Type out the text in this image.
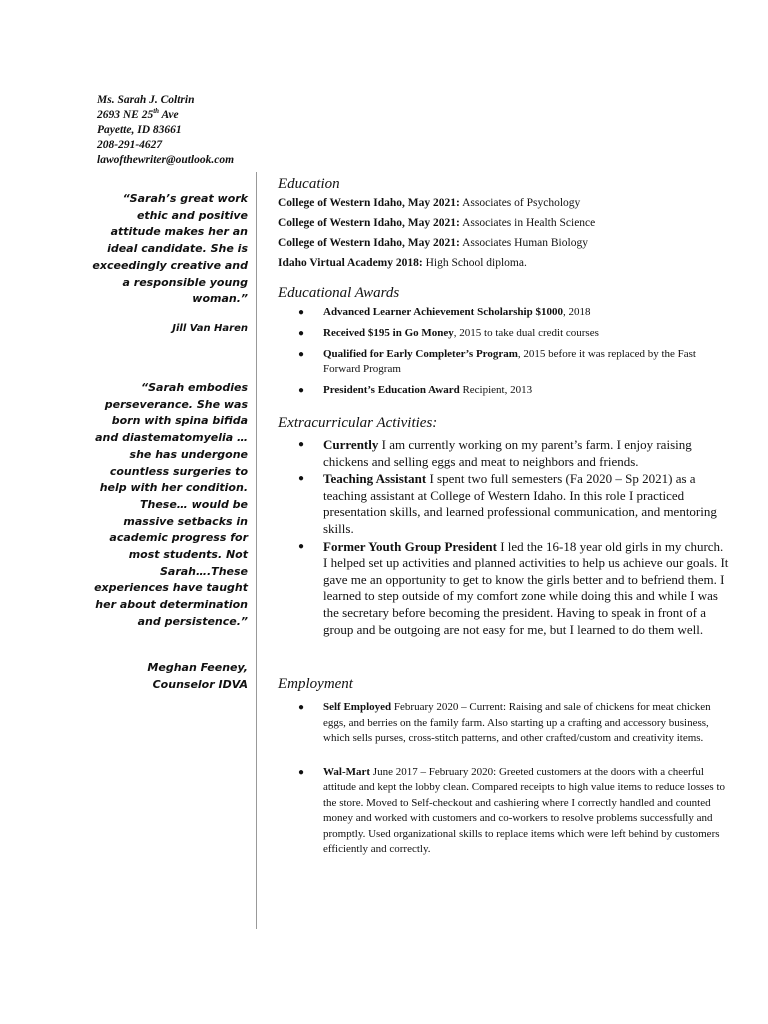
Ms. Sarah J. Coltrin
2693 NE 25th Ave
Payette, ID 83661
208-291-4627
lawofthewriter@outlook.com
“Sarah’s great work ethic and positive attitude makes her an ideal candidate. She is exceedingly creative and a responsible young woman.”
Jill Van Haren
“Sarah embodies perseverance. She was born with spina bifida and diastematomyelia …she has undergone countless surgeries to help with her condition. These… would be massive setbacks in academic progress for most students. Not Sarah….These experiences have taught her about determination and persistence.”
Meghan Feeney, Counselor IDVA
Education
College of Western Idaho, May 2021: Associates of Psychology
College of Western Idaho, May 2021: Associates in Health Science
College of Western Idaho, May 2021: Associates Human Biology
Idaho Virtual Academy 2018: High School diploma.
Educational Awards
● Advanced Learner Achievement Scholarship $1000, 2018
● Received $195 in Go Money, 2015 to take dual credit courses
● Qualified for Early Completer’s Program, 2015 before it was replaced by the Fast Forward Program
● President’s Education Award Recipient, 2013
Extracurricular Activities:
● Currently I am currently working on my parent’s farm. I enjoy raising chickens and selling eggs and meat to neighbors and friends.
● Teaching Assistant I spent two full semesters (Fa 2020 – Sp 2021) as a teaching assistant at College of Western Idaho. In this role I practiced presentation skills, and learned professional communication, and mentoring skills.
● Former Youth Group President I led the 16-18 year old girls in my church. I helped set up activities and planned activities to help us achieve our goals. It gave me an opportunity to get to know the girls better and to befriend them. I learned to step outside of my comfort zone while doing this and while I was the secretary before becoming the president. Having to speak in front of a group and be outgoing are not easy for me, but I learned to do them well.
Employment
● Self Employed February 2020 – Current: Raising and sale of chickens for meat chicken eggs, and berries on the family farm. Also starting up a crafting and accessory business, which sells purses, cross-stitch patterns, and other crafted/custom and creativity items.
● Wal-Mart June 2017 – February 2020: Greeted customers at the doors with a cheerful attitude and kept the lobby clean. Compared receipts to high value items to reduce losses to the store. Moved to Self-checkout and cashiering where I correctly handled and counted money and worked with customers and co-workers to resolve problems successfully and promptly. Used organizational skills to replace items which were left behind by customers efficiently and correctly.
